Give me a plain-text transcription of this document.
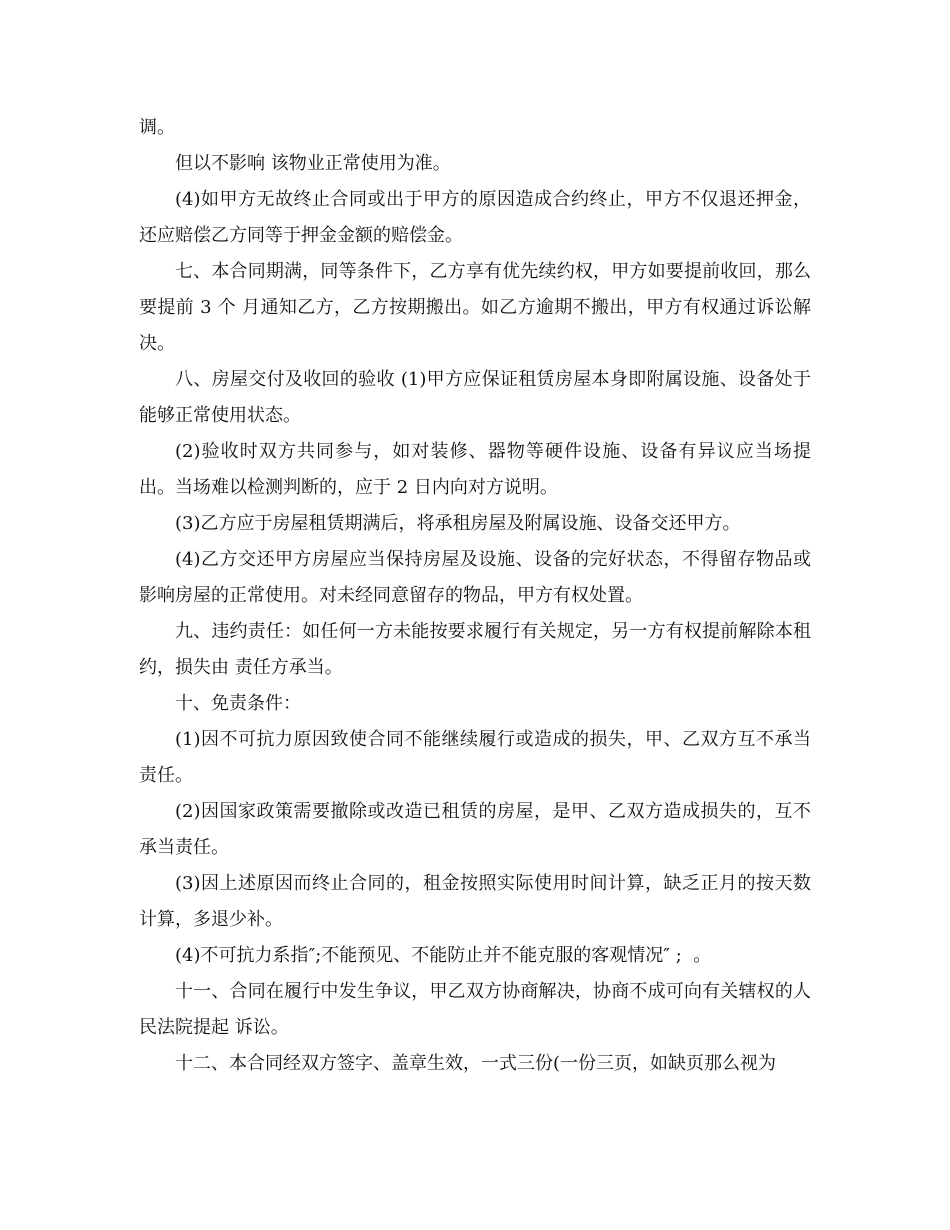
调。

但以不影响 该物业正常使用为准。

(4)如甲方无故终止合同或出于甲方的原因造成合约终止，甲方不仅退还押金，还应赔偿乙方同等于押金金额的赔偿金。

七、本合同期满，同等条件下，乙方享有优先续约权，甲方如要提前收回，那么要提前 3 个 月通知乙方，乙方按期搬出。如乙方逾期不搬出，甲方有权通过诉讼解决。

八、房屋交付及收回的验收 (1)甲方应保证租赁房屋本身即附属设施、设备处于能够正常使用状态。

(2)验收时双方共同参与，如对装修、器物等硬件设施、设备有异议应当场提出。当场难以检测判断的，应于 2 日内向对方说明。

(3)乙方应于房屋租赁期满后，将承租房屋及附属设施、设备交还甲方。

(4)乙方交还甲方房屋应当保持房屋及设施、设备的完好状态，不得留存物品或影响房屋的正常使用。对未经同意留存的物品，甲方有权处置。

九、违约责任：如任何一方未能按要求履行有关规定，另一方有权提前解除本租约，损失由 责任方承当。

十、免责条件：

(1)因不可抗力原因致使合同不能继续履行或造成的损失，甲、乙双方互不承当责任。

(2)因国家政策需要撤除或改造已租赁的房屋，是甲、乙双方造成损失的，互不承当责任。

(3)因上述原因而终止合同的，租金按照实际使用时间计算，缺乏正月的按天数计算，多退少补。

(4)不可抗力系指″;不能预见、不能防止并不能克服的客观情况″ ;  。

十一、合同在履行中发生争议，甲乙双方协商解决，协商不成可向有关辖权的人民法院提起 诉讼。

十二、本合同经双方签字、盖章生效，一式三份(一份三页，如缺页那么视为
